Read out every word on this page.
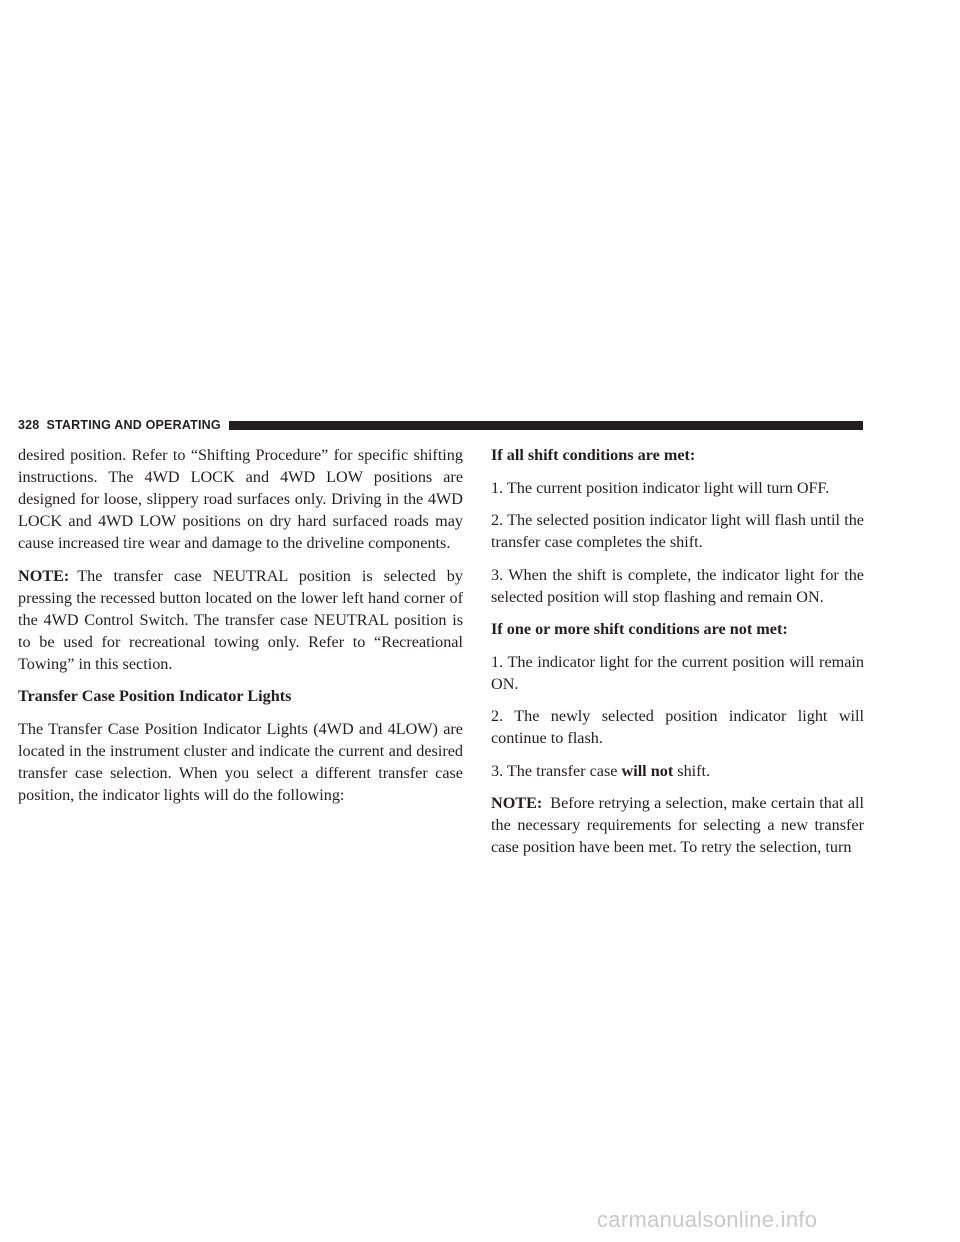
328 STARTING AND OPERATING

desired position. Refer to “Shifting Procedure” for specific shifting instructions. The 4WD LOCK and 4WD LOW positions are designed for loose, slippery road surfaces only. Driving in the 4WD LOCK and 4WD LOW positions on dry hard surfaced roads may cause increased tire wear and damage to the driveline components.

NOTE: The transfer case NEUTRAL position is selected by pressing the recessed button located on the lower left hand corner of the 4WD Control Switch. The transfer case NEUTRAL position is to be used for recreational towing only. Refer to “Recreational Towing” in this section.

Transfer Case Position Indicator Lights

The Transfer Case Position Indicator Lights (4WD and 4LOW) are located in the instrument cluster and indicate the current and desired transfer case selection. When you select a different transfer case position, the indicator lights will do the following:

If all shift conditions are met:

1. The current position indicator light will turn OFF.

2. The selected position indicator light will flash until the transfer case completes the shift.

3. When the shift is complete, the indicator light for the selected position will stop flashing and remain ON.

If one or more shift conditions are not met:

1. The indicator light for the current position will remain ON.

2. The newly selected position indicator light will continue to flash.

3. The transfer case will not shift.

NOTE: Before retrying a selection, make certain that all the necessary requirements for selecting a new transfer case position have been met. To retry the selection, turn

carmanualsonline.info
